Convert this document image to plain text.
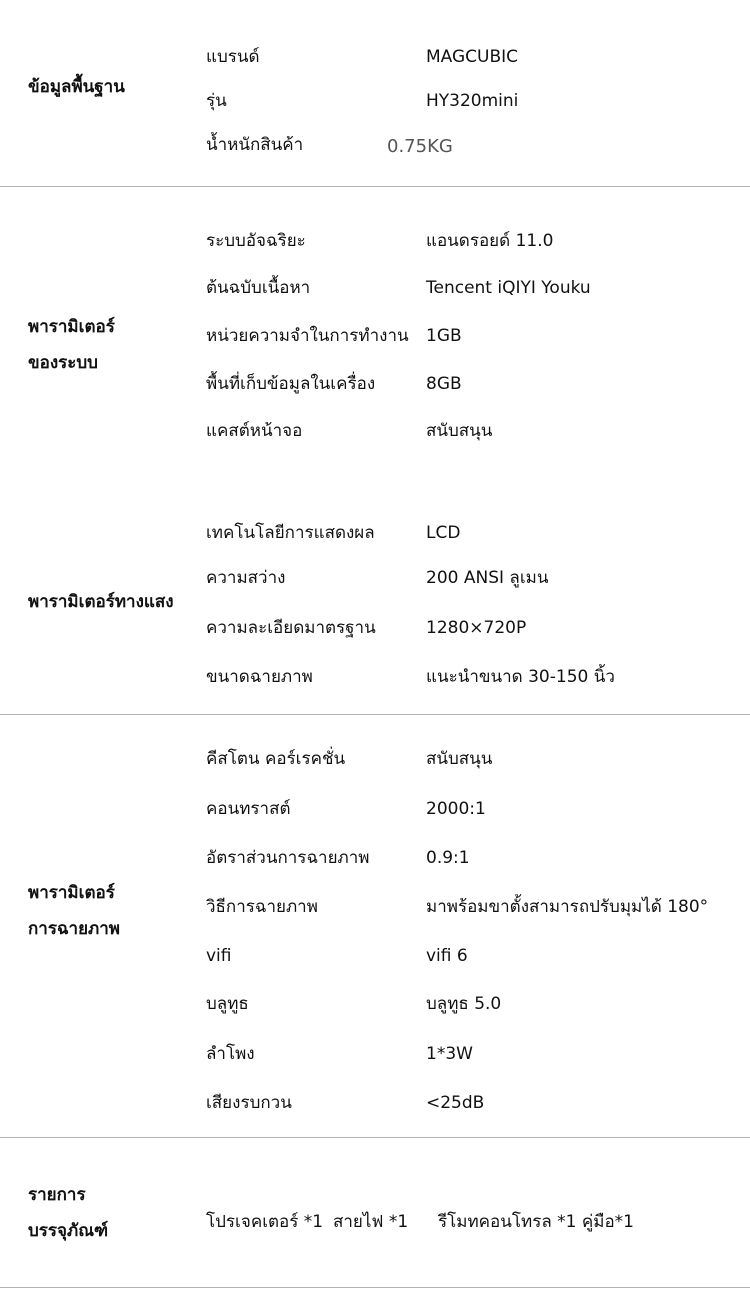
ข้อมูลพื้นฐาน
แบรนด์	MAGCUBIC
รุ่น	HY320mini
น้ำหนักสินค้า	0.75KG
พารามิเตอร์
ของระบบ
ระบบอัจฉริยะ	แอนดรอยด์ 11.0
ต้นฉบับเนื้อหา	Tencent iQIYI Youku
หน่วยความจำในการทำงาน 1GB
พื้นที่เก็บข้อมูลในเครื่อง	8GB
แคสต์หน้าจอ	สนับสนุน
พารามิเตอร์ทางแสง
เทคโนโลยีการแสดงผล	LCD
ความสว่าง	200 ANSI ลูเมน
ความละเอียดมาตรฐาน	1280×720P
ขนาดฉายภาพ	แนะนำขนาด 30-150 นิ้ว
พารามิเตอร์
การฉายภาพ
คีสโตน คอร์เรคชั่น	สนับสนุน
คอนทราสต์	2000:1
อัตราส่วนการฉายภาพ	0.9:1
วิธีการฉายภาพ	มาพร้อมขาตั้งสามารถปรับมุมได้ 180°
vifi	vifi 6
บลูทูธ	บลูทูธ 5.0
ลำโพง	1*3W
เสียงรบกวน	<25dB
รายการ
บรรจุภัณฑ์	โปรเจคเตอร์ *1 สายไฟ *1 รีโมทคอนโทรล *1 คู่มือ*1
